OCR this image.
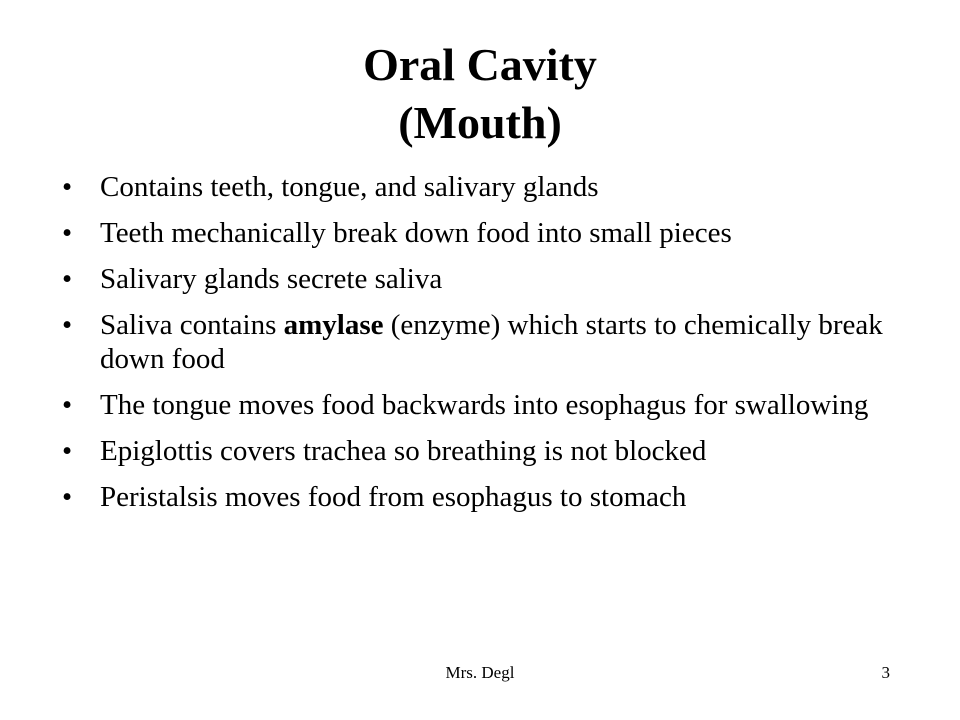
Oral Cavity
(Mouth)
• Contains teeth, tongue, and salivary glands
• Teeth mechanically break down food into small pieces
• Salivary glands secrete saliva
• Saliva contains amylase (enzyme) which starts to chemically break down food
• The tongue moves food backwards into esophagus for swallowing
• Epiglottis covers trachea so breathing is not blocked
• Peristalsis moves food from esophagus to stomach
Mrs. Degl	3
